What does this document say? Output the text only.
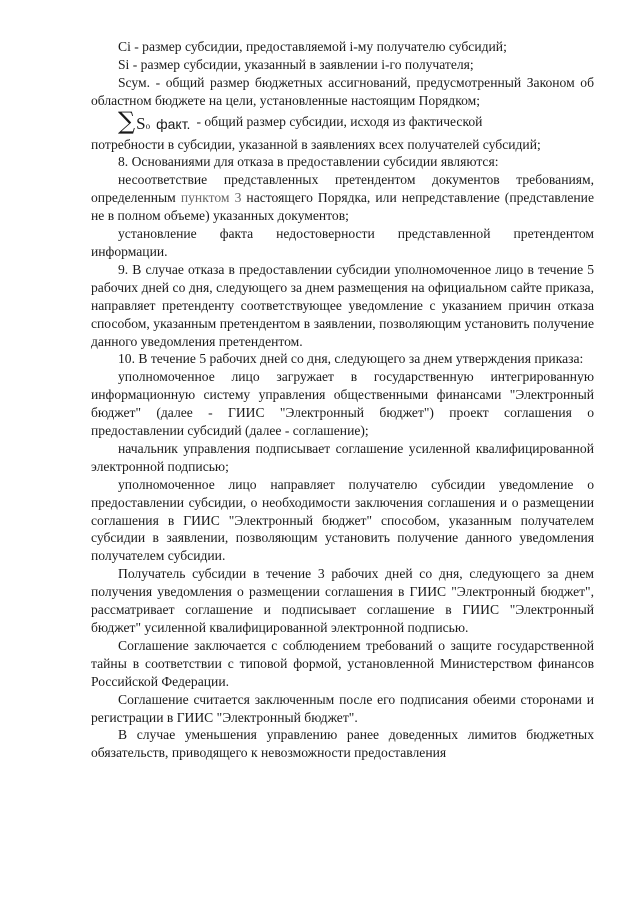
Ci - размер субсидии, предоставляемой i-му получателю субсидий;

Si - размер субсидии, указанный в заявлении i-го получателя;

Sсум. - общий размер бюджетных ассигнований, предусмотренный Законом об областном бюджете на цели, установленные настоящим Порядком;

∑ S o факт. - общий размер субсидии, исходя из фактической

потребности в субсидии, указанной в заявлениях всех получателей субсидий;

8. Основаниями для отказа в предоставлении субсидии являются:

несоответствие представленных претендентом документов требованиям, определенным пунктом 3 настоящего Порядка, или непредставление (представление не в полном объеме) указанных документов;

установление факта недостоверности представленной претендентом информации.

9. В случае отказа в предоставлении субсидии уполномоченное лицо в течение 5 рабочих дней со дня, следующего за днем размещения на официальном сайте приказа, направляет претенденту соответствующее уведомление с указанием причин отказа способом, указанным претендентом в заявлении, позволяющим установить получение данного уведомления претендентом.

10. В течение 5 рабочих дней со дня, следующего за днем утверждения приказа:

уполномоченное лицо загружает в государственную интегрированную информационную систему управления общественными финансами "Электронный бюджет" (далее - ГИИС "Электронный бюджет") проект соглашения о предоставлении субсидий (далее - соглашение);

начальник управления подписывает соглашение усиленной квалифицированной электронной подписью;

уполномоченное лицо направляет получателю субсидии уведомление о предоставлении субсидии, о необходимости заключения соглашения и о размещении соглашения в ГИИС "Электронный бюджет" способом, указанным получателем субсидии в заявлении, позволяющим установить получение данного уведомления получателем субсидии.

Получатель субсидии в течение 3 рабочих дней со дня, следующего за днем получения уведомления о размещении соглашения в ГИИС "Электронный бюджет", рассматривает соглашение и подписывает соглашение в ГИИС "Электронный бюджет" усиленной квалифицированной электронной подписью.

Соглашение заключается с соблюдением требований о защите государственной тайны в соответствии с типовой формой, установленной Министерством финансов Российской Федерации.

Соглашение считается заключенным после его подписания обеими сторонами и регистрации в ГИИС "Электронный бюджет".

В случае уменьшения управлению ранее доведенных лимитов бюджетных обязательств, приводящего к невозможности предоставления
